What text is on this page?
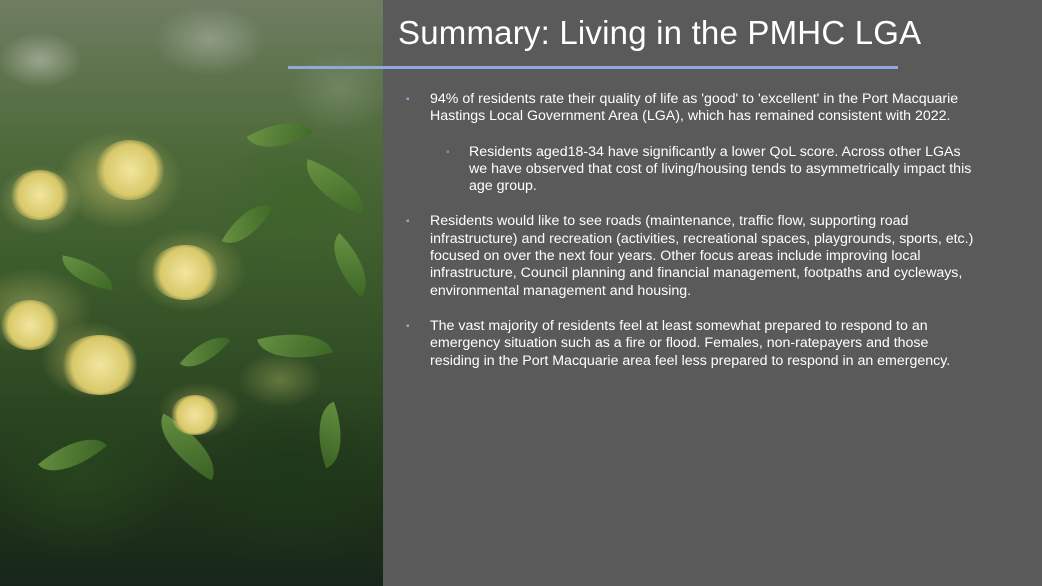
Summary: Living in the PMHC LGA
▪ 94% of residents rate their quality of life as 'good' to 'excellent' in the Port Macquarie Hastings Local Government Area (LGA), which has remained consistent with 2022.
▪ Residents aged18-34 have significantly a lower QoL score. Across other LGAs we have observed that cost of living/housing tends to asymmetrically impact this age group.
▪ Residents would like to see roads (maintenance, traffic flow, supporting road infrastructure) and recreation (activities, recreational spaces, playgrounds, sports, etc.) focused on over the next four years. Other focus areas include improving local infrastructure, Council planning and financial management, footpaths and cycleways, environmental management and housing.
▪ The vast majority of residents feel at least somewhat prepared to respond to an emergency situation such as a fire or flood. Females, non-ratepayers and those residing in the Port Macquarie area feel less prepared to respond in an emergency.
